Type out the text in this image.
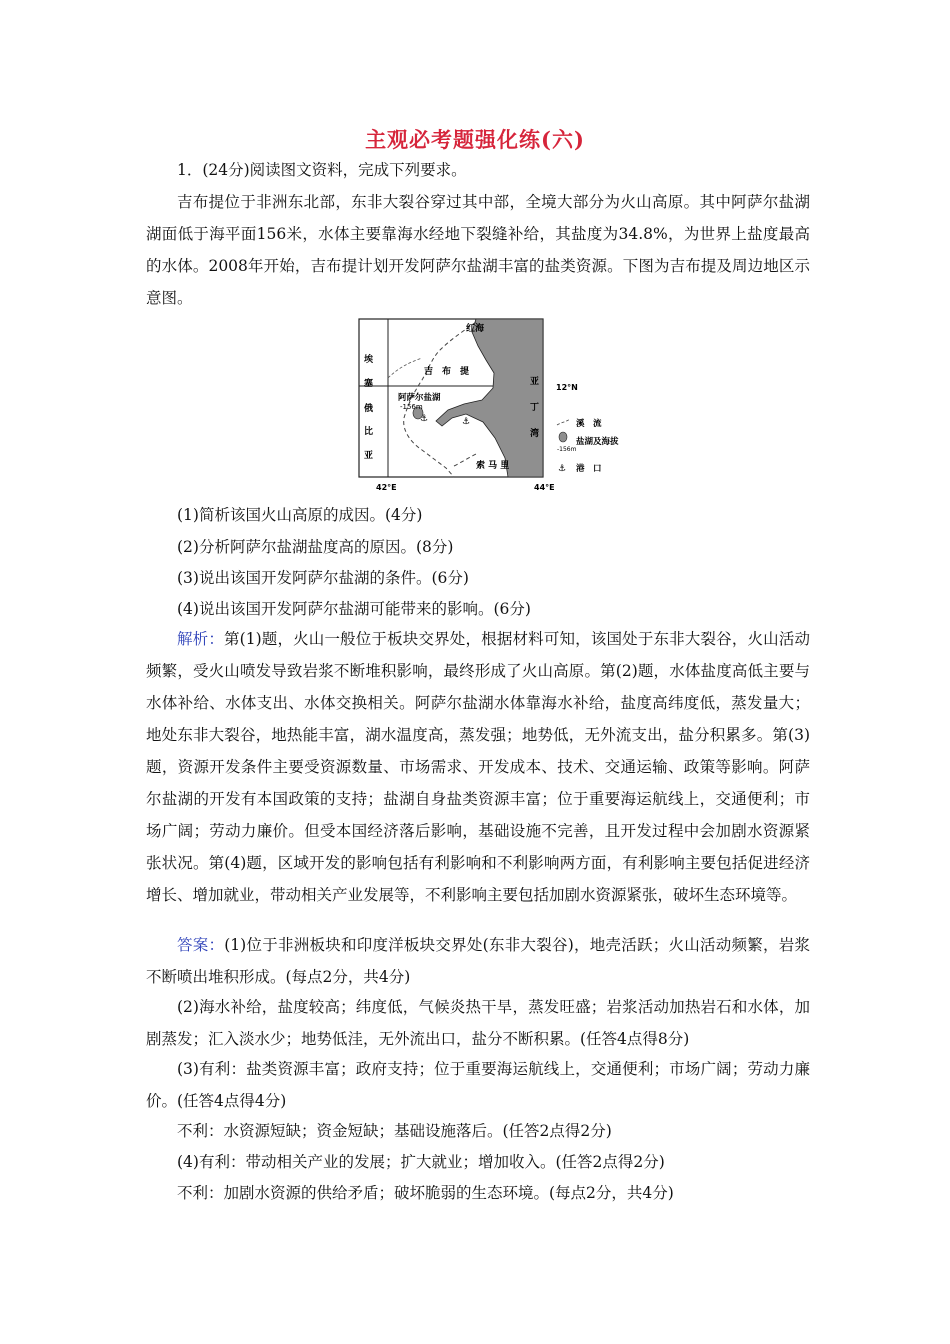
主观必考题强化练(六)
1．(24分)阅读图文资料，完成下列要求。

吉布提位于非洲东北部，东非大裂谷穿过其中部，全境大部分为火山高原。其中阿萨尔盐湖湖面低于海平面156米，水体主要靠海水经地下裂缝补给，其盐度为34.8%，为世界上盐度最高的水体。2008年开始，吉布提计划开发阿萨尔盐湖丰富的盐类资源。下图为吉布提及周边地区示意图。

⚓	⚓
红海
埃
塞
俄
比
亚
吉　布　提
阿萨尔盐湖
-156m
亚
丁
湾
索 马 里
12°N
42°E	44°E
溪　流
-156m
盐湖及海拔
⚓ 港　口
(1)简析该国火山高原的成因。(4分)
(2)分析阿萨尔盐湖盐度高的原因。(8分)
(3)说出该国开发阿萨尔盐湖的条件。(6分)
(4)说出该国开发阿萨尔盐湖可能带来的影响。(6分)

解析：第(1)题，火山一般位于板块交界处，根据材料可知，该国处于东非大裂谷，火山活动频繁，受火山喷发导致岩浆不断堆积影响，最终形成了火山高原。第(2)题，水体盐度高低主要与水体补给、水体支出、水体交换相关。阿萨尔盐湖水体靠海水补给，盐度高纬度低，蒸发量大；地处东非大裂谷，地热能丰富，湖水温度高，蒸发强；地势低，无外流支出，盐分积累多。第(3)题，资源开发条件主要受资源数量、市场需求、开发成本、技术、交通运输、政策等影响。阿萨尔盐湖的开发有本国政策的支持；盐湖自身盐类资源丰富；位于重要海运航线上，交通便利；市场广阔；劳动力廉价。但受本国经济落后影响，基础设施不完善，且开发过程中会加剧水资源紧张状况。第(4)题，区域开发的影响包括有利影响和不利影响两方面，有利影响主要包括促进经济增长、增加就业，带动相关产业发展等，不利影响主要包括加剧水资源紧张，破坏生态环境等。

答案：(1)位于非洲板块和印度洋板块交界处(东非大裂谷)，地壳活跃；火山活动频繁，岩浆不断喷出堆积形成。(每点2分，共4分)

(2)海水补给，盐度较高；纬度低，气候炎热干旱，蒸发旺盛；岩浆活动加热岩石和水体，加剧蒸发；汇入淡水少；地势低洼，无外流出口，盐分不断积累。(任答4点得8分)

(3)有利：盐类资源丰富；政府支持；位于重要海运航线上，交通便利；市场广阔；劳动力廉价。(任答4点得4分)

不利：水资源短缺；资金短缺；基础设施落后。(任答2点得2分)

(4)有利：带动相关产业的发展；扩大就业；增加收入。(任答2点得2分)

不利：加剧水资源的供给矛盾；破坏脆弱的生态环境。(每点2分，共4分)
